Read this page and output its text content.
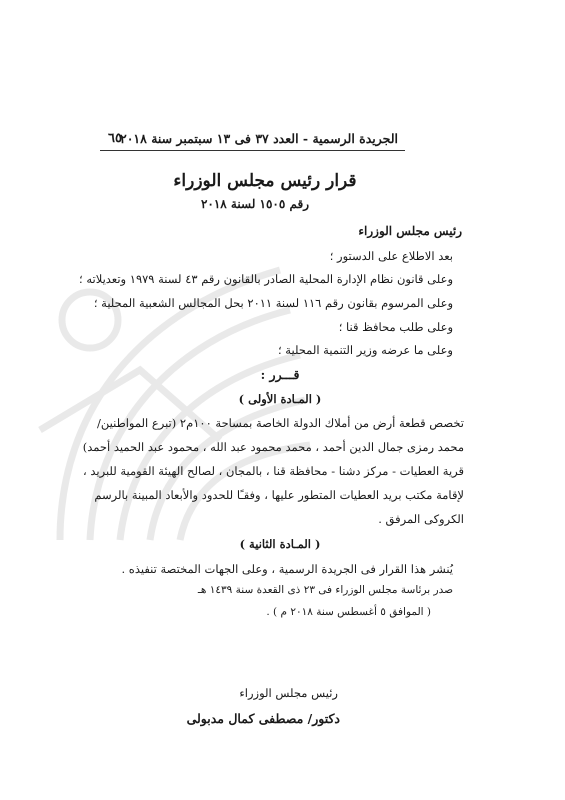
الجريدة الرسمية - العدد ٣٧ فى ١٣ سبتمبر سنة ٢٠١٨
٦٥
قرار رئيس مجلس الوزراء
رقم ١٥٠٥ لسنة ٢٠١٨
رئيس مجلس الوزراء
بعد الاطلاع على الدستور ؛
وعلى قانون نظام الإدارة المحلية الصادر بالقانون رقم ٤٣ لسنة ١٩٧٩ وتعديلاته ؛
وعلى المرسوم بقانون رقم ١١٦ لسنة ٢٠١١ بحل المجالس الشعبية المحلية ؛
وعلى طلب محافظ قنا ؛
وعلى ما عرضه وزير التنمية المحلية ؛
قـــرر :
( المـادة الأولى )
تخصص قطعة أرض من أملاك الدولة الخاصة بمساحة ١٠٠م٢ (تبرع المواطنين/
محمد رمزى جمال الدين أحمد ، محمد محمود عبد الله ، محمود عبد الحميد أحمد)
قرية العطيات - مركز دشنا - محافظة قنا ، بالمجان ، لصالح الهيئة القومية للبريد ،
لإقامة مكتب بريد العطيات المتطور عليها ، وفقـًا للحدود والأبعاد المبينة بالرسم
الكروكى المرفق .
( المـادة الثانية )
يُنشر هذا القرار فى الجريدة الرسمية ، وعلى الجهات المختصة تنفيذه .
صدر برئاسة مجلس الوزراء فى ٢٣ ذى القعدة سنة ١٤٣٩ هـ
( الموافق ٥ أغسطس سنة ٢٠١٨ م ) .
رئيس مجلس الوزراء
دكتور/ مصطفى كمال مدبولى
